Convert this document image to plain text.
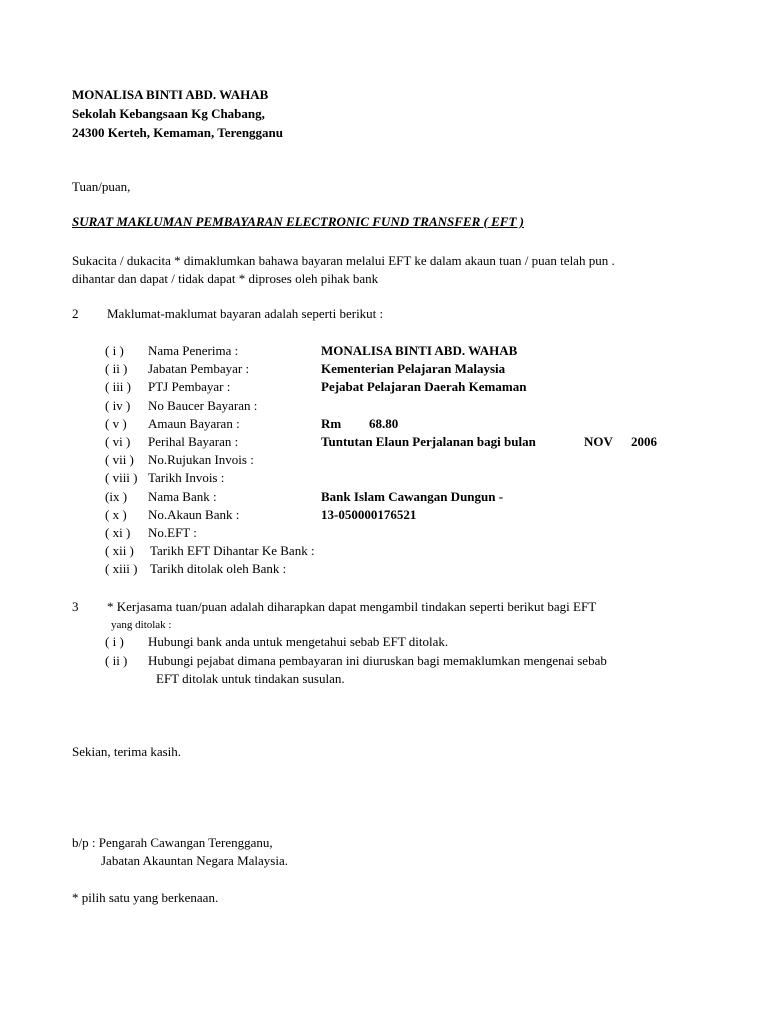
MONALISA BINTI ABD. WAHAB
Sekolah Kebangsaan Kg Chabang,
24300 Kerteh, Kemaman, Terengganu
Tuan/puan,
SURAT MAKLUMAN PEMBAYARAN ELECTRONIC FUND TRANSFER ( EFT )
Sukacita / dukacita * dimaklumkan bahawa bayaran melalui EFT ke dalam akaun tuan / puan telah pun .
dihantar dan dapat / tidak dapat * diproses oleh pihak bank
2 Maklumat-maklumat bayaran adalah seperti berikut :
( i ) Nama Penerima :	MONALISA BINTI ABD. WAHAB
( ii ) Jabatan Pembayar :	Kementerian Pelajaran Malaysia
( iii ) PTJ Pembayar :	Pejabat Pelajaran Daerah Kemaman
( iv ) No Baucer Bayaran :
( v ) Amaun Bayaran :	Rm 68.80
( vi ) Perihal Bayaran :	Tuntutan Elaun Perjalanan bagi bulan	NOV 2006
( vii ) No.Rujukan Invois :
( viii ) Tarikh Invois :
(ix ) Nama Bank :	Bank Islam Cawangan Dungun -
( x ) No.Akaun Bank :	13-050000176521
( xi ) No.EFT :
( xii ) Tarikh EFT Dihantar Ke Bank :
( xiii ) Tarikh ditolak oleh Bank :
3 * Kerjasama tuan/puan adalah diharapkan dapat mengambil tindakan seperti berikut bagi EFT
yang ditolak :
( i ) Hubungi bank anda untuk mengetahui sebab EFT ditolak.
( ii ) Hubungi pejabat dimana pembayaran ini diuruskan bagi memaklumkan mengenai sebab
EFT ditolak untuk tindakan susulan.
Sekian, terima kasih.
b/p : Pengarah Cawangan Terengganu,
Jabatan Akauntan Negara Malaysia.
* pilih satu yang berkenaan.
